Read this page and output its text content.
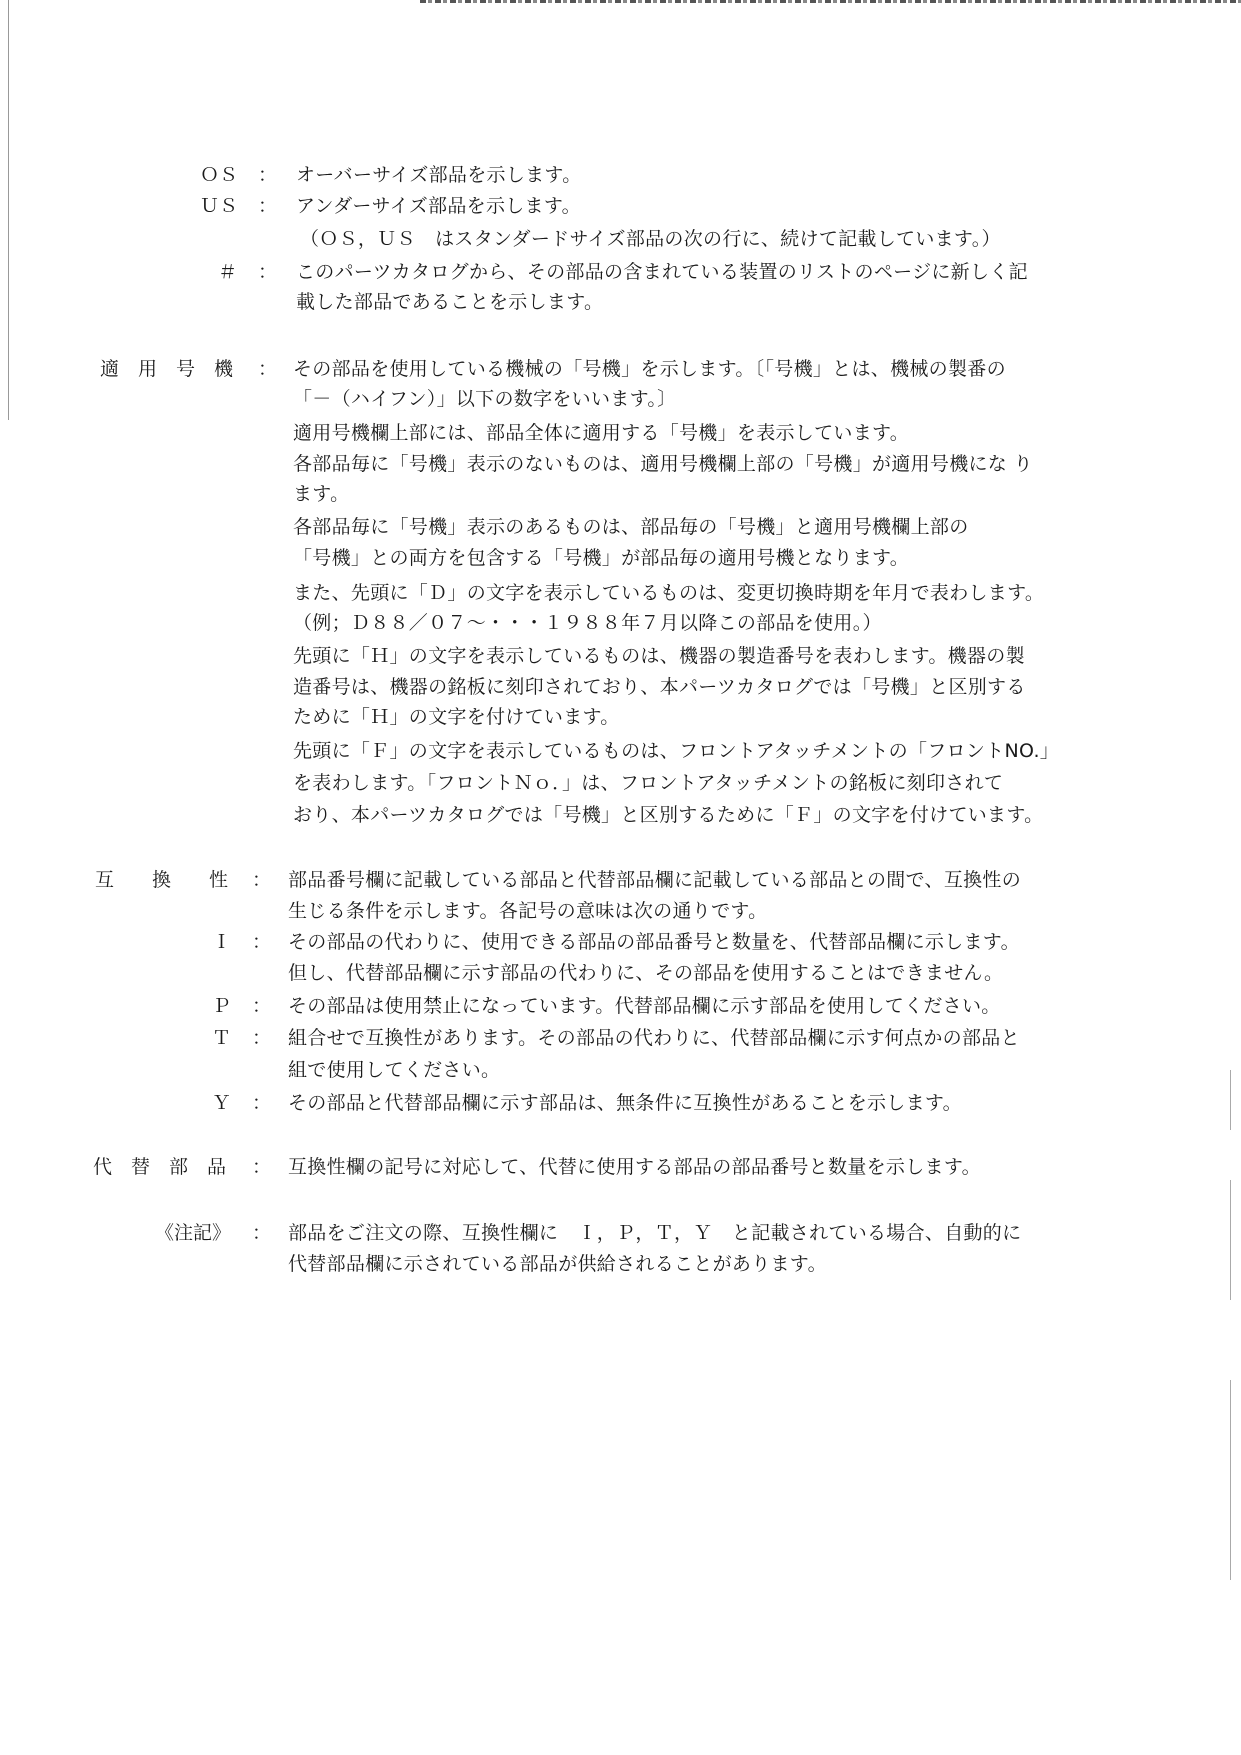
ＯＳ ： オーバーサイズ部品を示します。
ＵＳ ： アンダーサイズ部品を示します。
（ＯＳ，ＵＳ　はスタンダードサイズ部品の次の行に、続けて記載しています。）
＃ ： このパーツカタログから、その部品の含まれている装置のリストのページに新しく記
載した部品であることを示します。
適　用　号　機 ： その部品を使用している機械の「号機」を示します。〔「号機」とは、機械の製番の
「－（ハイフン）」以下の数字をいいます。〕
適用号機欄上部には、部品全体に適用する「号機」を表示しています。
各部品毎に「号機」表示のないものは、適用号機欄上部の「号機」が適用号機にな り
ます。
各部品毎に「号機」表示のあるものは、部品毎の「号機」と適用号機欄上部の
「号機」との両方を包含する「号機」が部品毎の適用号機となります。
また、先頭に「Ｄ」の文字を表示しているものは、変更切換時期を年月で表わします。
（例；Ｄ８８／０７～・・・１９８８年７月以降この部品を使用。）
先頭に「Ｈ」の文字を表示しているものは、機器の製造番号を表わします。機器の製
造番号は、機器の銘板に刻印されており、本パーツカタログでは「号機」と区別する
ために「Ｈ」の文字を付けています。
先頭に「Ｆ」の文字を表示しているものは、フロントアタッチメントの「フロントNO.」
を表わします。「フロントＮｏ．」は、フロントアタッチメントの銘板に刻印されて
おり、本パーツカタログでは「号機」と区別するために「Ｆ」の文字を付けています。
互　　換　　性 ： 部品番号欄に記載している部品と代替部品欄に記載している部品との間で、互換性の
生じる条件を示します。各記号の意味は次の通りです。
Ｉ ： その部品の代わりに、使用できる部品の部品番号と数量を、代替部品欄に示します。
但し、代替部品欄に示す部品の代わりに、その部品を使用することはできません。
Ｐ ： その部品は使用禁止になっています。代替部品欄に示す部品を使用してください。
Ｔ ： 組合せで互換性があります。その部品の代わりに、代替部品欄に示す何点かの部品と
組で使用してください。
Ｙ ： その部品と代替部品欄に示す部品は、無条件に互換性があることを示します。
代　替　部　品 ： 互換性欄の記号に対応して、代替に使用する部品の部品番号と数量を示します。
《注記》 ： 部品をご注文の際、互換性欄に　Ｉ，Ｐ，Ｔ，Ｙ　と記載されている場合、自動的に
代替部品欄に示されている部品が供給されることがあります。
